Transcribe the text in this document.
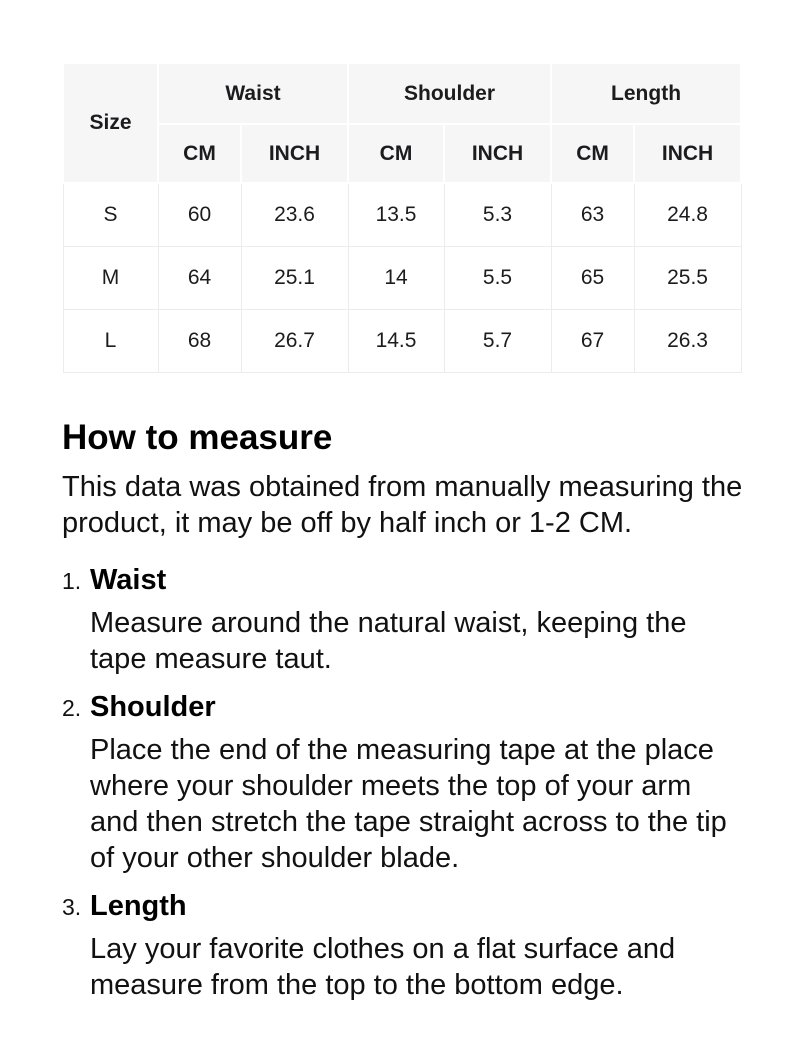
Size	Waist		Shoulder		Length	
	CM	INCH	CM	INCH	CM	INCH
S	60	23.6	13.5	5.3	63	24.8
M	64	25.1	14	5.5	65	25.5
L	68	26.7	14.5	5.7	67	26.3
How to measure

This data was obtained from manually measuring the product, it may be off by half inch or 1-2 CM.

1. Waist

Measure around the natural waist, keeping the tape measure taut.

2. Shoulder

Place the end of the measuring tape at the place where your shoulder meets the top of your arm and then stretch the tape straight across to the tip of your other shoulder blade.

3. Length

Lay your favorite clothes on a flat surface and measure from the top to the bottom edge.
